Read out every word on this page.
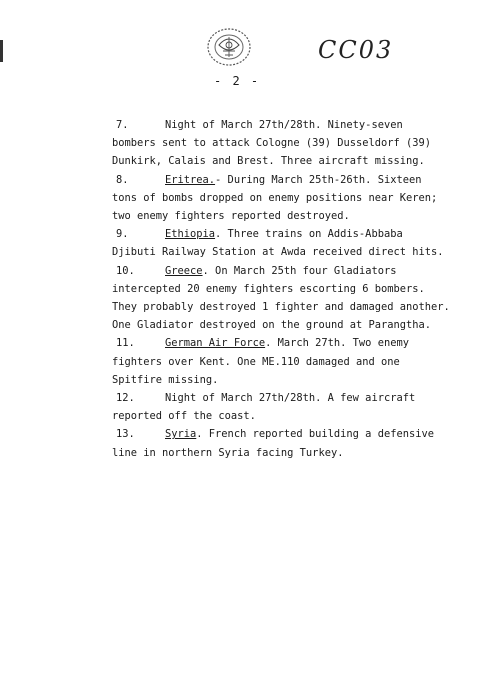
CC03
- 2 -
7.	Night of March 27th/28th. Ninety-seven
bombers sent to attack Cologne (39) Dusseldorf (39)
Dunkirk, Calais and Brest. Three aircraft missing.
8.	Eritrea.- During March 25th-26th. Sixteen
tons of bombs dropped on enemy positions near Keren;
two enemy fighters reported destroyed.
9.	Ethiopia. Three trains on Addis-Abbaba
Djibuti Railway Station at Awda received direct hits.
10.	Greece. On March 25th four Gladiators
intercepted 20 enemy fighters escorting 6 bombers.
They probably destroyed 1 fighter and damaged another.
One Gladiator destroyed on the ground at Parangtha.
11.	German Air Force. March 27th. Two enemy
fighters over Kent. One ME.110 damaged and one
Spitfire missing.
12.	Night of March 27th/28th. A few aircraft
reported off the coast.
13.	Syria. French reported building a defensive
line in northern Syria facing Turkey.
